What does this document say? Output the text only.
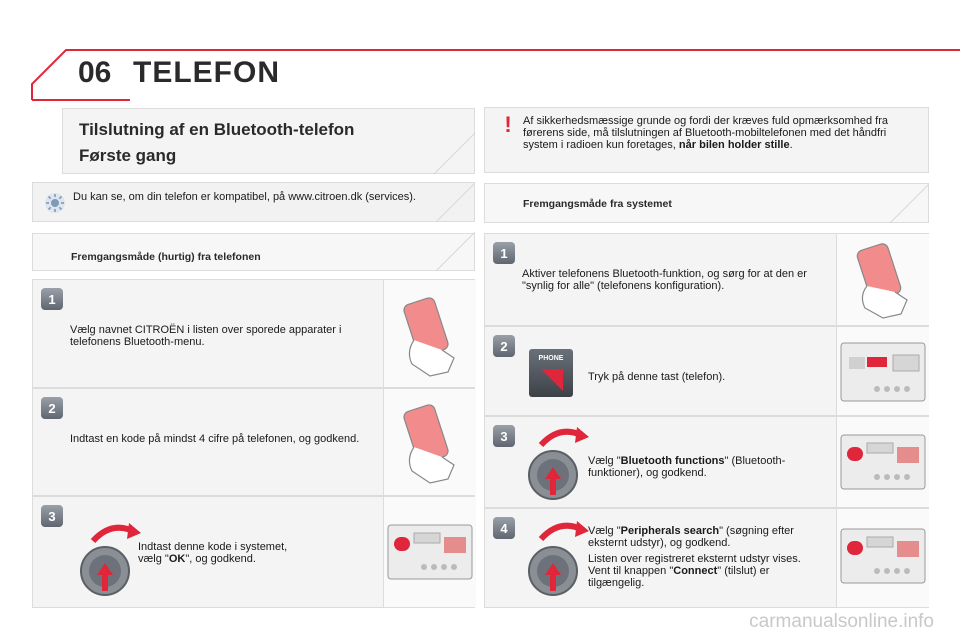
06 TELEFON
Tilslutning af en Bluetooth-telefon
Første gang
!	Af sikkerhedsmæssige grunde og fordi der kræves fuld opmærksomhed fra førerens side, må tilslutningen af Bluetooth-mobiltelefonen med det håndfri system i radioen kun foretages, når bilen holder stille.
Du kan se, om din telefon er kompatibel, på www.citroen.dk (services).
Fremgangsmåde fra systemet
Fremgangsmåde (hurtig) fra telefonen
1
Vælg navnet CITROËN i listen over sporede apparater i telefonens Bluetooth-menu.
2
Indtast en kode på mindst 4 cifre på telefonen, og godkend.
3
Indtast denne kode i systemet,
vælg "OK", og godkend.
1
Aktiver telefonens Bluetooth-funktion, og sørg for at den er "synlig for alle" (telefonens konfiguration).
2
PHONE
Tryk på denne tast (telefon).
3
Vælg "Bluetooth functions" (Bluetooth-funktioner), og godkend.
4	Vælg "Peripherals search" (søgning efter eksternt udstyr), og godkend.
Listen over registreret eksternt udstyr vises. Vent til knappen "Connect" (tilslut) er tilgængelig.
carmanualsonline.info
